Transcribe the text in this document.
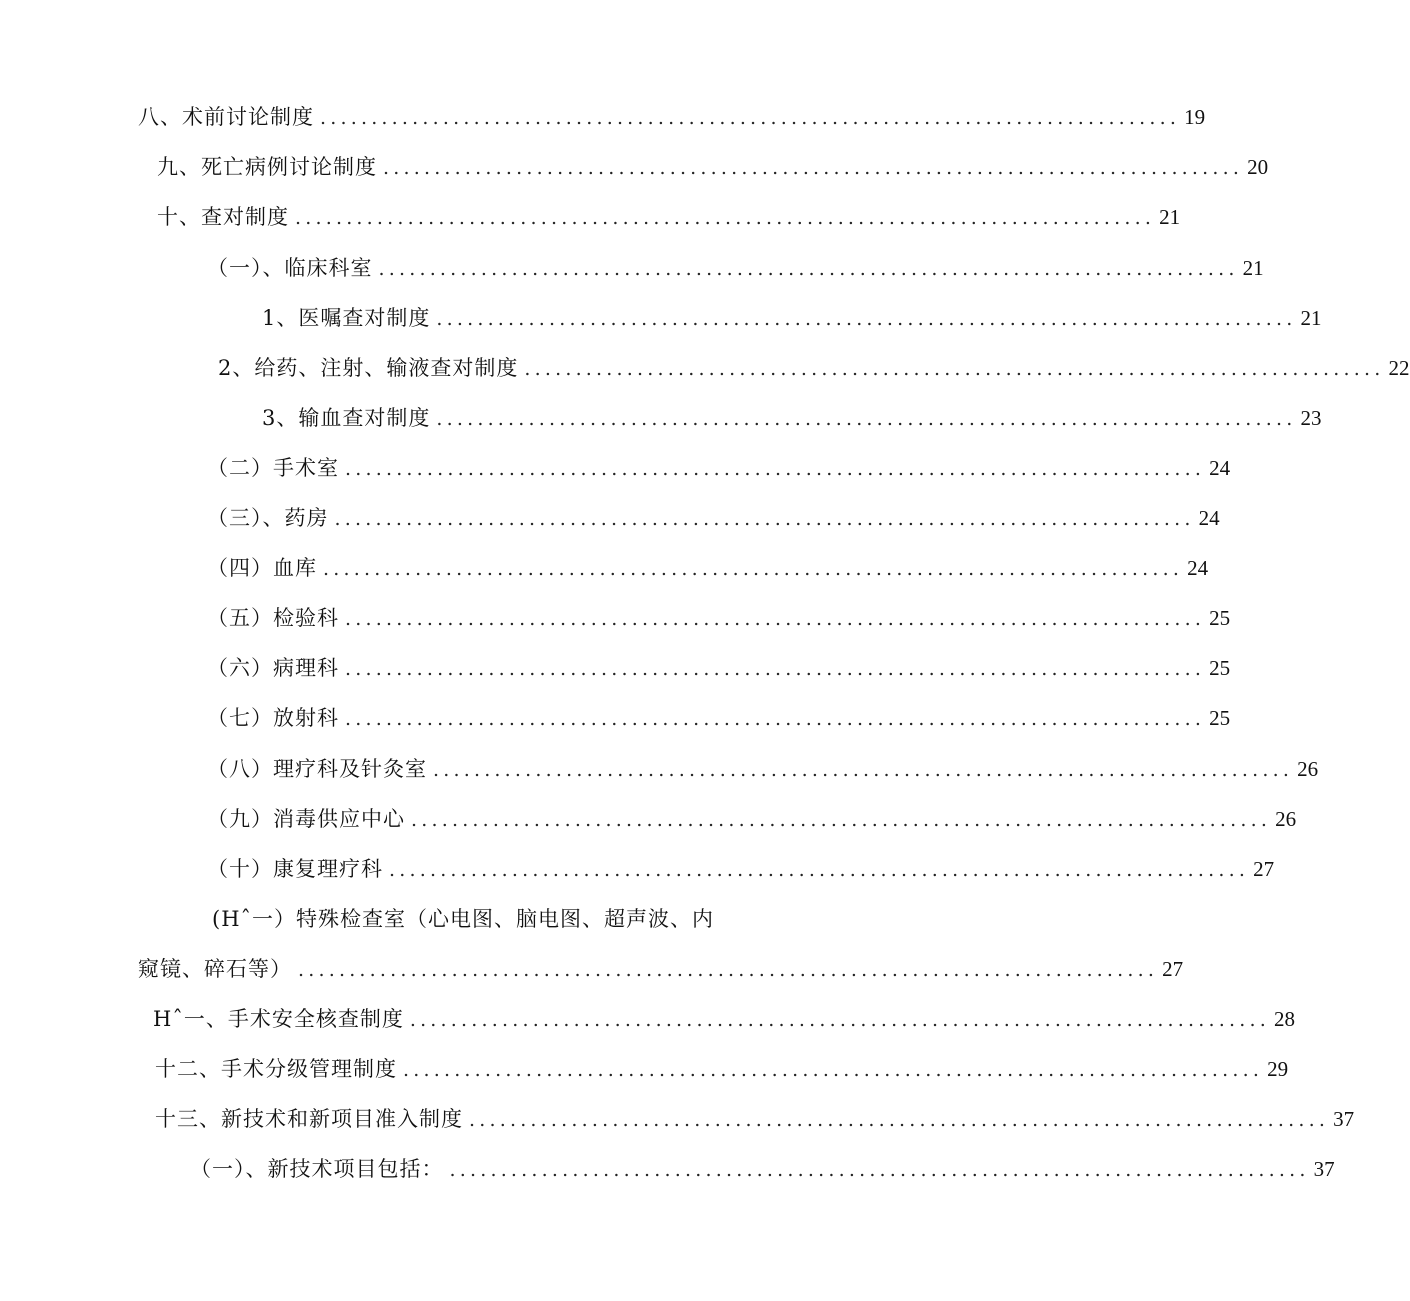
八、术前讨论制度 .................................................................................... 19
九、死亡病例讨论制度 .................................................................................... 20
十、查对制度 .................................................................................... 21
（一）、临床科室 .................................................................................... 21
1、医嘱查对制度 .................................................................................... 21
2、给药、注射、输液查对制度 .................................................................................... 22
3、输血查对制度 .................................................................................... 23
（二）手术室 .................................................................................... 24
（三）、药房 .................................................................................... 24
（四）血库 .................................................................................... 24
（五）检验科 .................................................................................... 25
（六）病理科 .................................................................................... 25
（七）放射科 .................................................................................... 25
（八）理疗科及针灸室 .................................................................................... 26
（九）消毒供应中心 .................................................................................... 26
（十）康复理疗科 .................................................................................... 27
(Hˆ一）特殊检查室（心电图、脑电图、超声波、内
窥镜、碎石等） .................................................................................... 27
Hˆ一、手术安全核查制度 .................................................................................... 28
十二、手术分级管理制度 .................................................................................... 29
十三、新技术和新项目准入制度 .................................................................................... 37
（一）、新技术项目包括： .................................................................................... 37
